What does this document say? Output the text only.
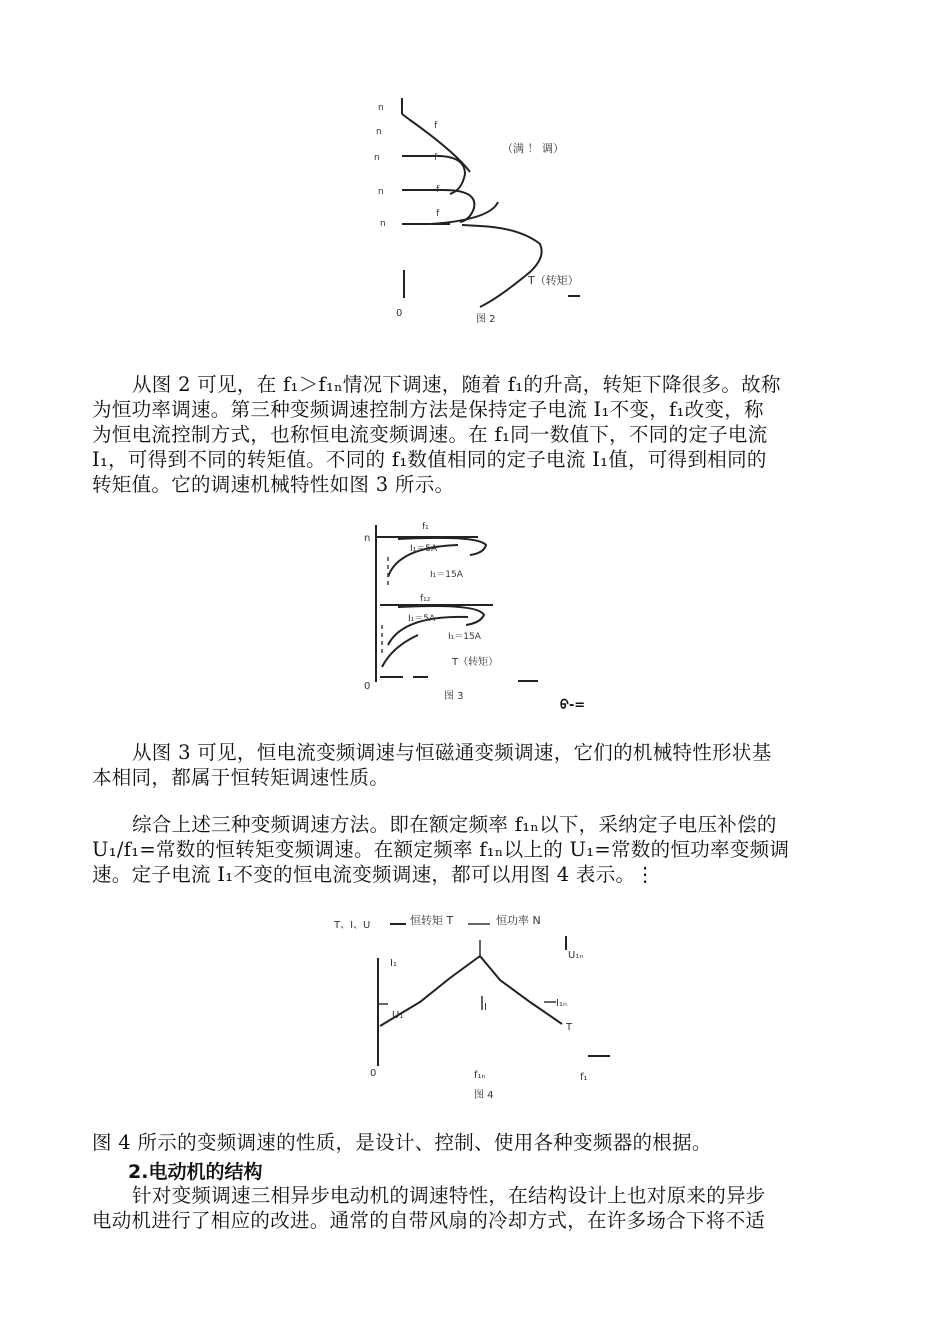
n
n
n
n
n
0
f
f
f
f
（满 ！ 调）
T（转矩）
图 2
从图 2 可见，在 f₁＞f₁ₙ情况下调速，随着 f₁的升高，转矩下降很多。故称
为恒功率调速。第三种变频调速控制方法是保持定子电流 I₁不变，f₁改变，称
为恒电流控制方式，也称恒电流变频调速。在 f₁同一数值下，不同的定子电流
I₁，可得到不同的转矩值。不同的 f₁数值相同的定子电流 I₁值，可得到相同的
转矩值。它的调速机械特性如图 3 所示。
n
f₁
I₁＝5A
I₁＝15A
f₁₂
I₁＝5A
I₁＝15A
T（转矩）
0
图 3
ᠪ-=
从图 3 可见，恒电流变频调速与恒磁通变频调速，它们的机械特性形状基
本相同，都属于恒转矩调速性质。
综合上述三种变频调速方法。即在额定频率 f₁ₙ以下，采纳定子电压补偿的
U₁/f₁=常数的恒转矩变频调速。在额定频率 f₁ₙ以上的 U₁=常数的恒功率变频调
速。定子电流 I₁不变的恒电流变频调速，都可以用图 4 表示。⋮
T、I、U	恒转矩 T	恒功率 N
U₁ₙ
I₁
U₁
I	I₁ₙ
T
0	f₁ₙ	f₁
图 4
图 4 所示的变频调速的性质，是设计、控制、使用各种变频器的根据。
2.电动机的结构
针对变频调速三相异步电动机的调速特性，在结构设计上也对原来的异步
电动机进行了相应的改进。通常的自带风扇的冷却方式，在许多场合下将不适
